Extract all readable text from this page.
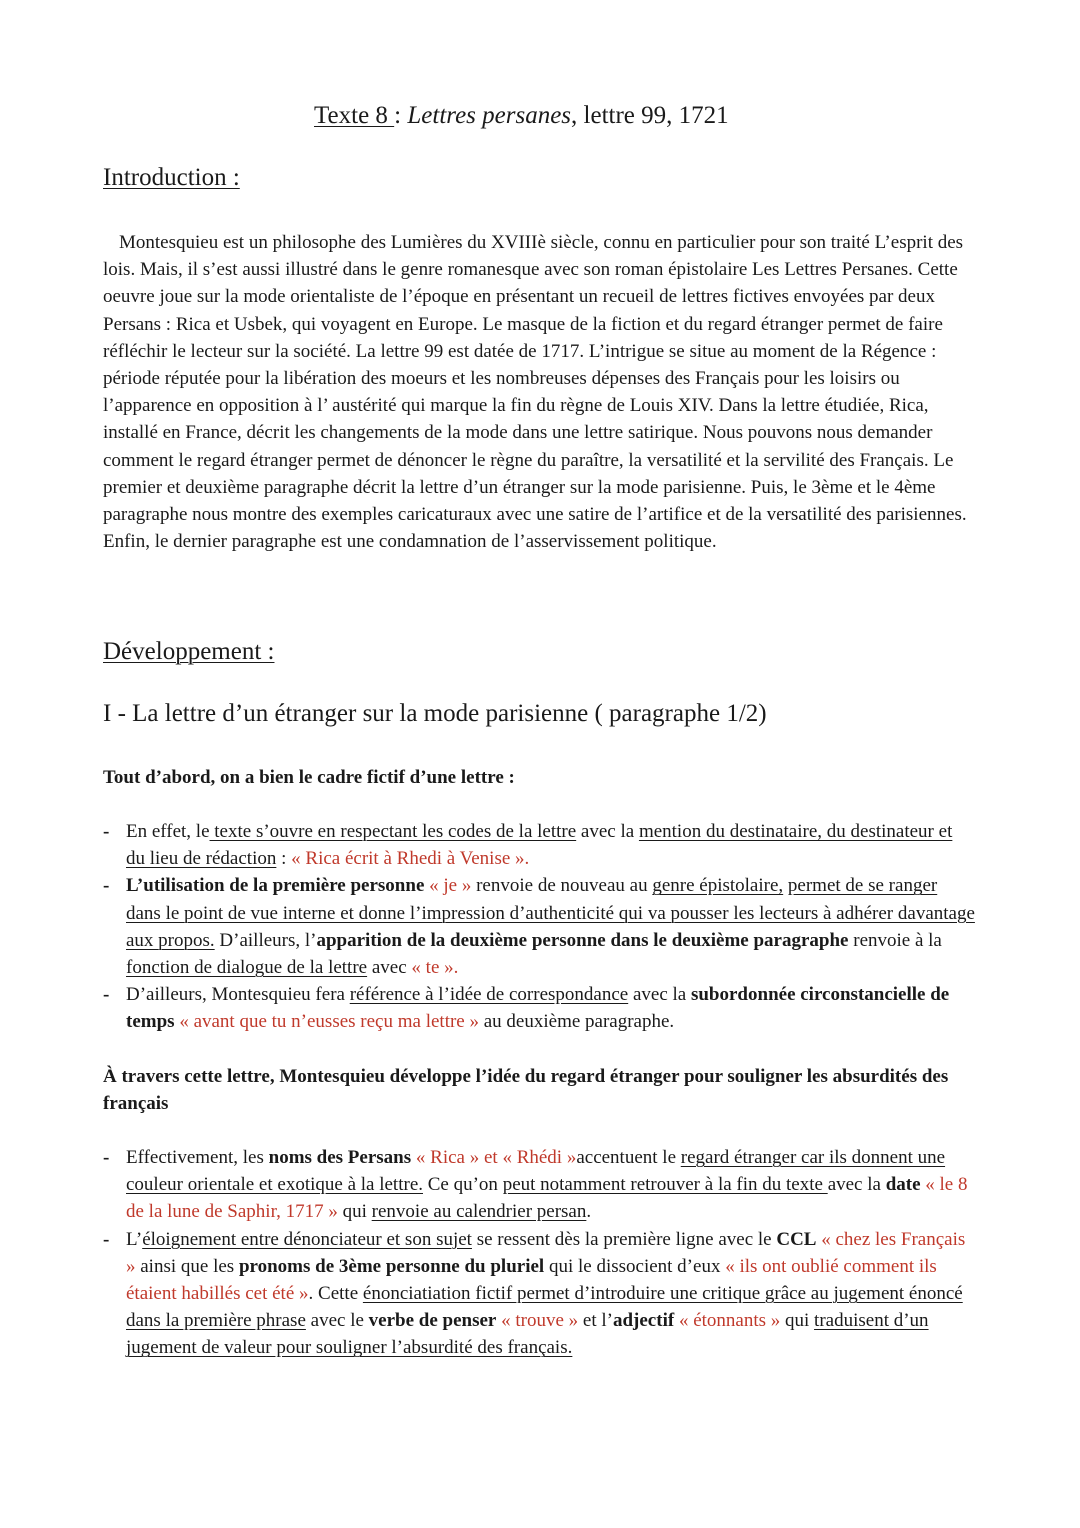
Texte 8 : Lettres persanes, lettre 99, 1721
Introduction :

Montesquieu est un philosophe des Lumières du XVIIIè siècle, connu en particulier pour son traité L’esprit des lois. Mais, il s’est aussi illustré dans le genre romanesque avec son roman épistolaire Les Lettres Persanes. Cette oeuvre joue sur la mode orientaliste de l’époque en présentant un recueil de lettres fictives envoyées par deux Persans : Rica et Usbek, qui voyagent en Europe. Le masque de la fiction et du regard étranger permet de faire réfléchir le lecteur sur la société. La lettre 99 est datée de 1717. L’intrigue se situe au moment de la Régence : période réputée pour la libération des moeurs et les nombreuses dépenses des Français pour les loisirs ou l’apparence en opposition à l’ austérité qui marque la fin du règne de Louis XIV. Dans la lettre étudiée, Rica, installé en France, décrit les changements de la mode dans une lettre satirique. Nous pouvons nous demander comment le regard étranger permet de dénoncer le règne du paraître, la versatilité et la servilité des Français. Le premier et deuxième paragraphe décrit la lettre d’un étranger sur la mode parisienne. Puis, le 3ème et le 4ème paragraphe nous montre des exemples caricaturaux avec une satire de l’artifice et de la versatilité des parisiennes. Enfin, le dernier paragraphe est une condamnation de l’asservissement politique.

Développement :
I - La lettre d’un étranger sur la mode parisienne ( paragraphe 1/2)
Tout d’abord, on a bien le cadre fictif d’une lettre :
- En effet, le texte s’ouvre en respectant les codes de la lettre avec la mention du destinataire, du destinateur et du lieu de rédaction : « Rica écrit à Rhedi à Venise ».
- L’utilisation de la première personne « je » renvoie de nouveau au genre épistolaire, permet de se ranger dans le point de vue interne et donne l’impression d’authenticité qui va pousser les lecteurs à adhérer davantage aux propos. D’ailleurs, l’apparition de la deuxième personne dans le deuxième paragraphe renvoie à la fonction de dialogue de la lettre avec « te ».
- D’ailleurs, Montesquieu fera référence à l’idée de correspondance avec la subordonnée circonstancielle de temps « avant que tu n’eusses reçu ma lettre » au deuxième paragraphe.
À travers cette lettre, Montesquieu développe l’idée du regard étranger pour souligner les absurdités des français
- Effectivement, les noms des Persans « Rica » et « Rhédi »accentuent le regard étranger car ils donnent une couleur orientale et exotique à la lettre. Ce qu’on peut notamment retrouver à la fin du texte avec la date « le 8 de la lune de Saphir, 1717 » qui renvoie au calendrier persan.
- L’éloignement entre dénonciateur et son sujet se ressent dès la première ligne avec le CCL « chez les Français » ainsi que les pronoms de 3ème personne du pluriel qui le dissocient d’eux « ils ont oublié comment ils étaient habillés cet été ». Cette énonciatiation fictif permet d’introduire une critique grâce au jugement énoncé dans la première phrase avec le verbe de penser « trouve » et l’adjectif « étonnants » qui traduisent d’un jugement de valeur pour souligner l’absurdité des français.
